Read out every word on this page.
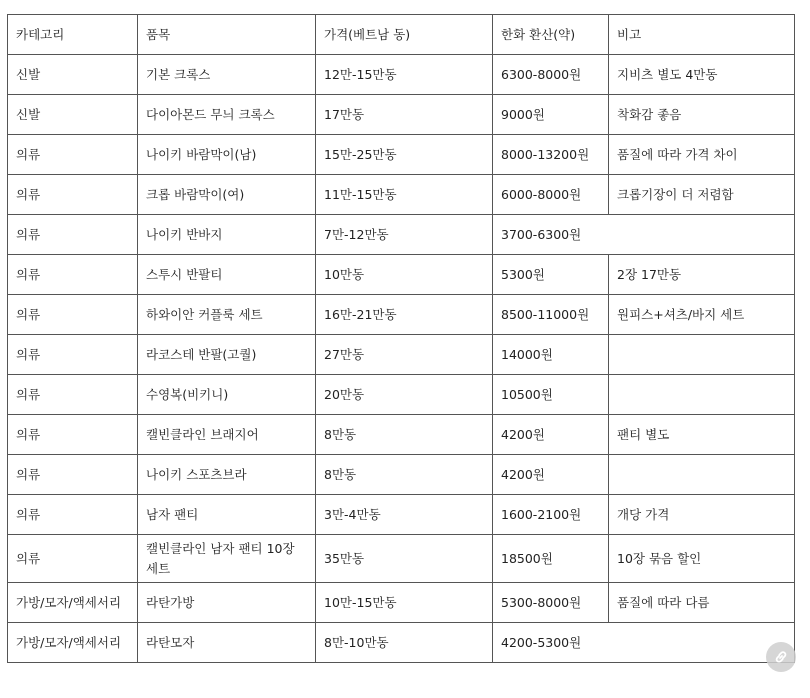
카테고리	품목	가격(베트남 동)	한화 환산(약)	비고
신발	기본 크록스	12만-15만동	6300-8000원	지비츠 별도 4만동
신발	다이아몬드 무늬 크록스	17만동	9000원	착화감 좋음
의류	나이키 바람막이(남)	15만-25만동	8000-13200원	품질에 따라 가격 차이
의류	크롭 바람막이(여)	11만-15만동	6000-8000원	크롭기장이 더 저렴함
의류	나이키 반바지	7만-12만동	3700-6300원	
의류	스투시 반팔티	10만동	5300원	2장 17만동
의류	하와이안 커플룩 세트	16만-21만동	8500-11000원	원피스+셔츠/바지 세트
의류	라코스테 반팔(고퀄)	27만동	14000원	
의류	수영복(비키니)	20만동	10500원	
의류	캘빈클라인 브래지어	8만동	4200원	팬티 별도
의류	나이키 스포츠브라	8만동	4200원	
의류	남자 팬티	3만-4만동	1600-2100원	개당 가격
의류	캘빈클라인 남자 팬티 10장 세트	35만동	18500원	10장 묶음 할인
가방/모자/액세서리	라탄가방	10만-15만동	5300-8000원	품질에 따라 다름
가방/모자/액세서리	라탄모자	8만-10만동	4200-5300원	
